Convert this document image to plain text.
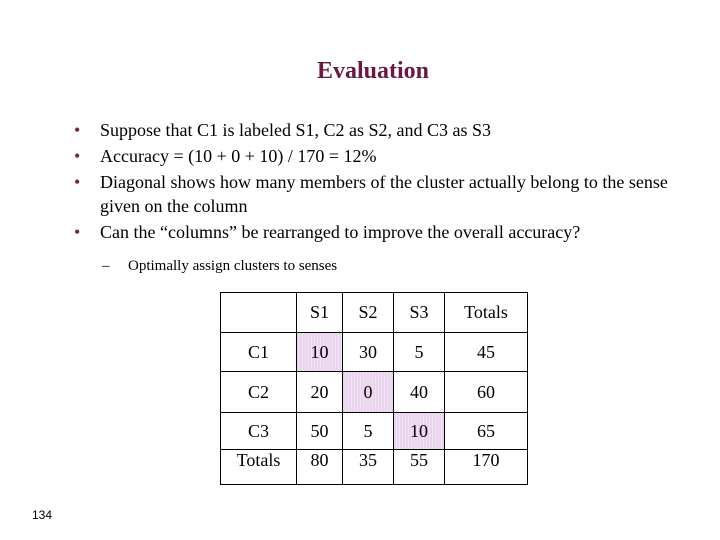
Evaluation
•	Suppose that C1 is labeled S1, C2 as S2, and C3 as S3
•	Accuracy = (10 + 0 + 10) / 170 = 12%
•	Diagonal shows how many members of the cluster actually belong to the sense given on the column
•	Can the “columns” be rearranged to improve the overall accuracy?
– Optimally assign clusters to senses
	S1	S2	S3	Totals
C1	10	30	5	45
C2	20	0	40	60
C3	50	5	10	65
Totals	80	35	55	170
134
